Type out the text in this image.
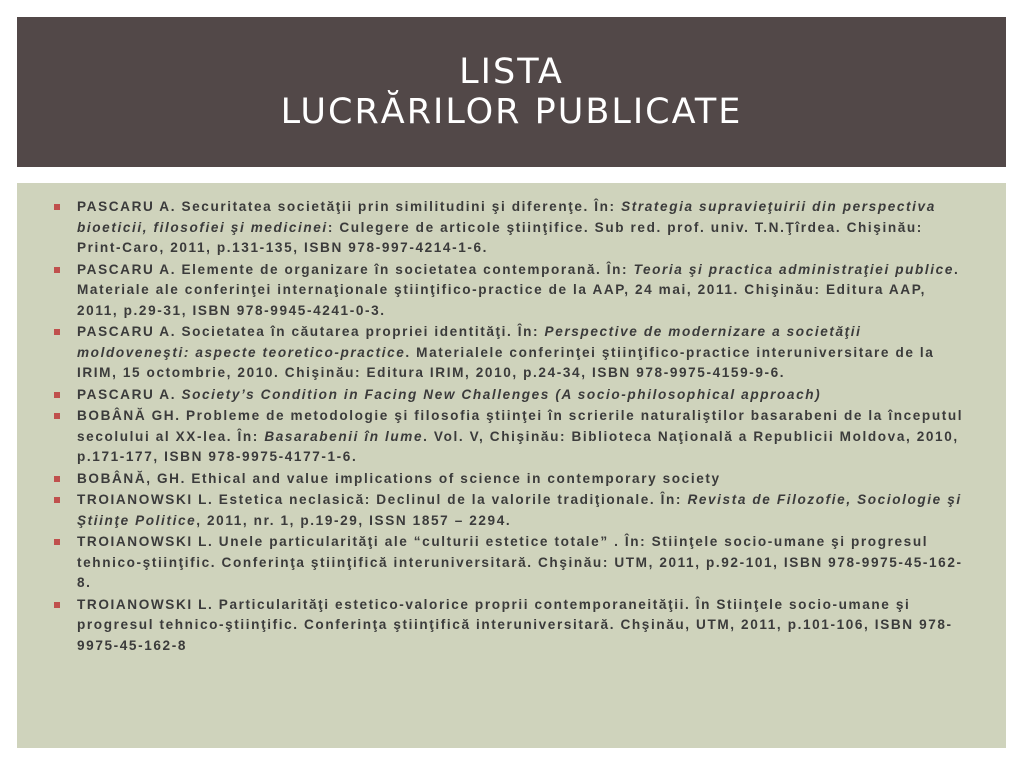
LISTA
LUCRĂRILOR PUBLICATE
PASCARU A. Securitatea societăţii prin similitudini şi diferenţe. În: Strategia supravieţuirii din perspectiva bioeticii, filosofiei şi medicinei: Culegere de articole ştiinţifice. Sub red. prof. univ. T.N.Ţîrdea. Chişinău: Print-Caro, 2011, p.131-135, ISBN 978-997-4214-1-6.
PASCARU A. Elemente de organizare în societatea contemporană. În: Teoria şi practica administraţiei publice. Materiale ale conferinţei internaţionale ştiinţifico-practice de la AAP, 24 mai, 2011. Chişinău: Editura AAP, 2011, p.29-31, ISBN 978-9945-4241-0-3.
PASCARU A. Societatea în căutarea propriei identităţi. În: Perspective de modernizare a societăţii moldoveneşti: aspecte teoretico-practice. Materialele conferinţei ştiinţifico-practice interuniversitare de la IRIM, 15 octombrie, 2010. Chişinău: Editura IRIM, 2010, p.24-34, ISBN 978-9975-4159-9-6.
PASCARU A. Society’s Condition in Facing New Challenges (A socio-philosophical approach)
BOBÂNĂ GH. Probleme de metodologie şi filosofia ştiinţei în scrierile naturaliştilor basarabeni de la începutul secolului al XX-lea. În: Basarabenii în lume. Vol. V, Chişinău: Biblioteca Naţională a Republicii Moldova, 2010, p.171-177, ISBN 978-9975-4177-1-6.
BOBÂNĂ, GH. Ethical and value implications of science in contemporary society
TROIANOWSKI L. Estetica neclasică: Declinul de la valorile tradiţionale. În: Revista de Filozofie, Sociologie şi Ştiinţe Politice, 2011, nr. 1, p.19-29, ISSN 1857 – 2294.
TROIANOWSKI L. Unele particularităţi ale “culturii estetice totale” . În: Stiinţele socio-umane şi progresul tehnico-ştiinţific. Conferinţa ştiinţifică interuniversitară. Chşinău: UTM, 2011, p.92-101, ISBN 978-9975-45-162-8.
TROIANOWSKI L. Particularităţi estetico-valorice proprii contemporaneităţii. În Stiinţele socio-umane şi progresul tehnico-ştiinţific. Conferinţa ştiinţifică interuniversitară. Chşinău, UTM, 2011, p.101-106, ISBN 978-9975-45-162-8
